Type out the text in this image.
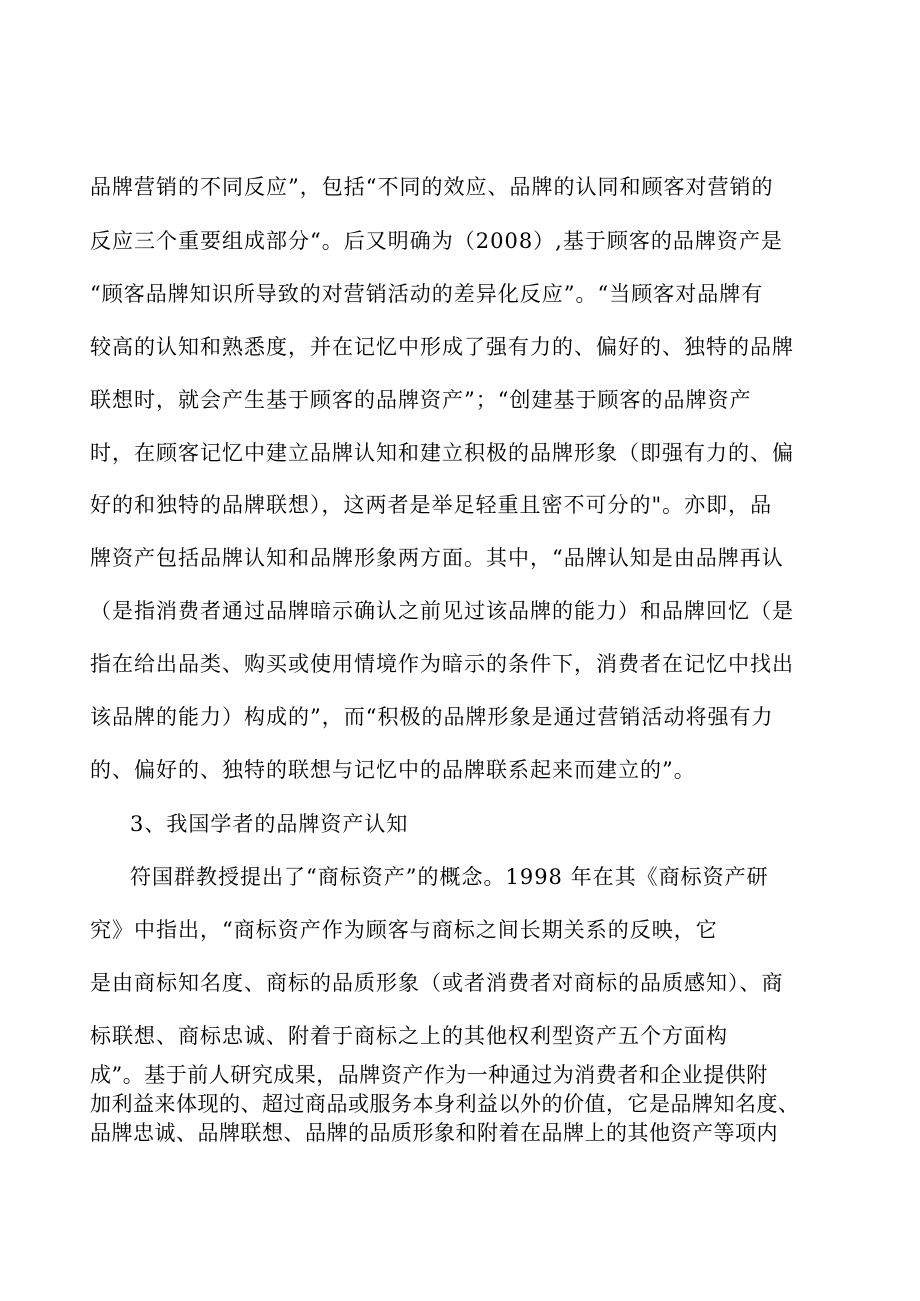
品牌营销的不同反应”，包括“不同的效应、品牌的认同和顾客对营销的
反应三个重要组成部分“。后又明确为（2008）,基于顾客的品牌资产是
“顾客品牌知识所导致的对营销活动的差异化反应”。“当顾客对品牌有
较高的认知和熟悉度，并在记忆中形成了强有力的、偏好的、独特的品牌
联想时，就会产生基于顾客的品牌资产”；“创建基于顾客的品牌资产
时，在顾客记忆中建立品牌认知和建立积极的品牌形象（即强有力的、偏
好的和独特的品牌联想），这两者是举足轻重且密不可分的"。亦即，品
牌资产包括品牌认知和品牌形象两方面。其中，“品牌认知是由品牌再认
（是指消费者通过品牌暗示确认之前见过该品牌的能力）和品牌回忆（是
指在给出品类、购买或使用情境作为暗示的条件下，消费者在记忆中找出
该品牌的能力）构成的”，而“积极的品牌形象是通过营销活动将强有力
的、偏好的、独特的联想与记忆中的品牌联系起来而建立的”。
3、我国学者的品牌资产认知
符国群教授提出了“商标资产”的概念。1998 年在其《商标资产研
究》中指出，“商标资产作为顾客与商标之间长期关系的反映，它
是由商标知名度、商标的品质形象（或者消费者对商标的品质感知）、商
标联想、商标忠诚、附着于商标之上的其他权利型资产五个方面构
成”。基于前人研究成果，品牌资产作为一种通过为消费者和企业提供附
加利益来体现的、超过商品或服务本身利益以外的价值，它是品牌知名度、
品牌忠诚、品牌联想、品牌的品质形象和附着在品牌上的其他资产等项内
